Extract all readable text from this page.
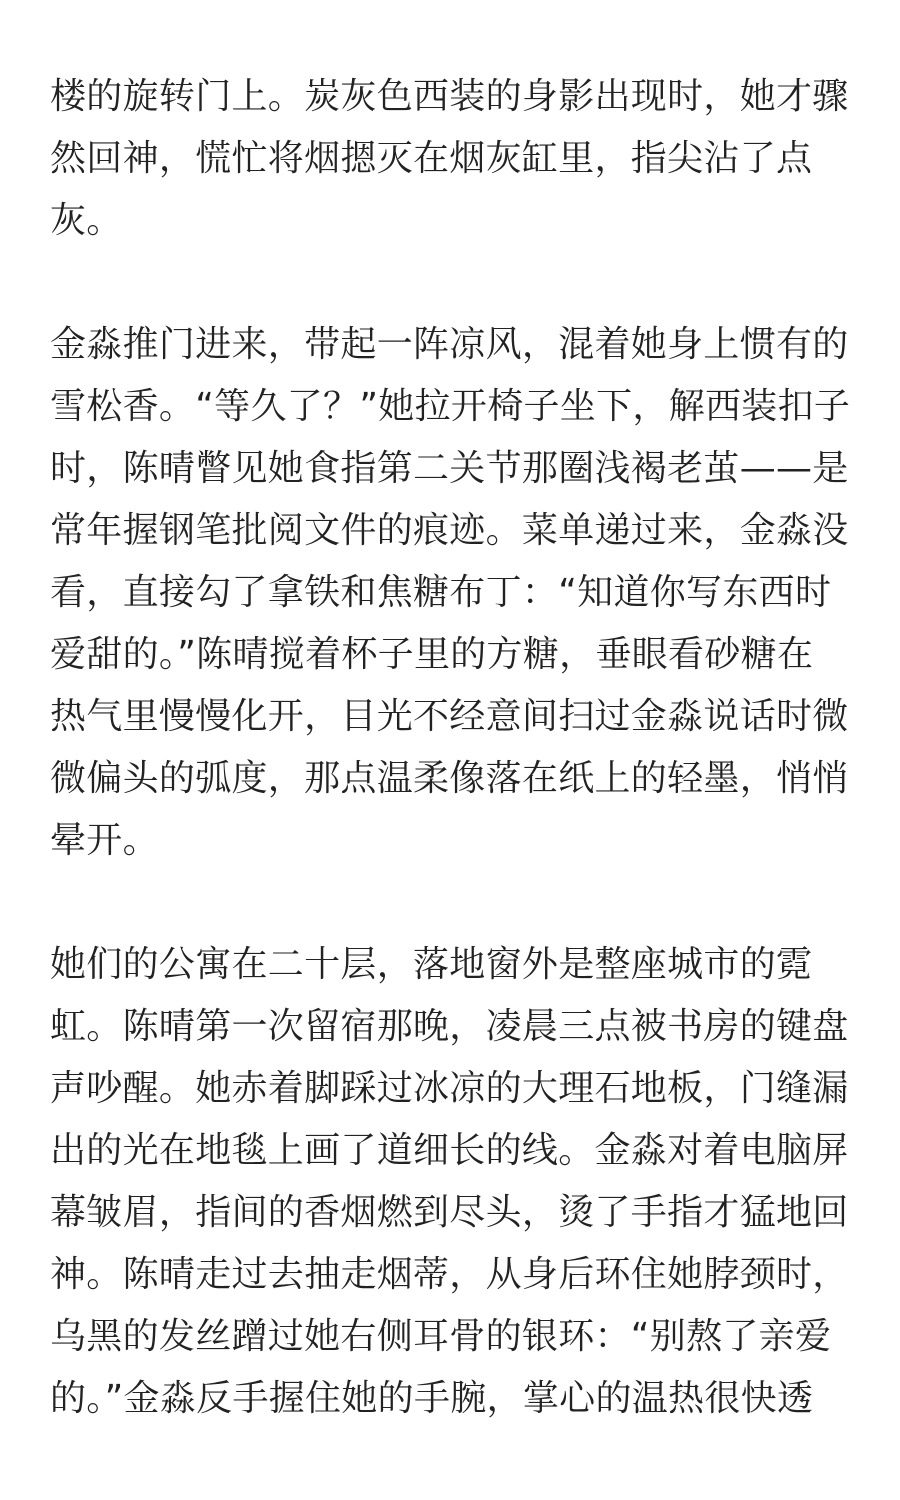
楼的旋转门上。炭灰色西装的身影出现时，她才骤
然回神，慌忙将烟摁灭在烟灰缸里，指尖沾了点
灰。
金淼推门进来，带起一阵凉风，混着她身上惯有的
雪松香。“等久了？”她拉开椅子坐下，解西装扣子
时，陈晴瞥见她食指第二关节那圈浅褐老茧——是
常年握钢笔批阅文件的痕迹。菜单递过来，金淼没
看，直接勾了拿铁和焦糖布丁：“知道你写东西时
爱甜的。”陈晴搅着杯子里的方糖，垂眼看砂糖在
热气里慢慢化开，目光不经意间扫过金淼说话时微
微偏头的弧度，那点温柔像落在纸上的轻墨，悄悄
晕开。
她们的公寓在二十层，落地窗外是整座城市的霓
虹。陈晴第一次留宿那晚，凌晨三点被书房的键盘
声吵醒。她赤着脚踩过冰凉的大理石地板，门缝漏
出的光在地毯上画了道细长的线。金淼对着电脑屏
幕皱眉，指间的香烟燃到尽头，烫了手指才猛地回
神。陈晴走过去抽走烟蒂，从身后环住她脖颈时，
乌黑的发丝蹭过她右侧耳骨的银环：“别熬了亲爱
的。”金淼反手握住她的手腕，掌心的温热很快透
